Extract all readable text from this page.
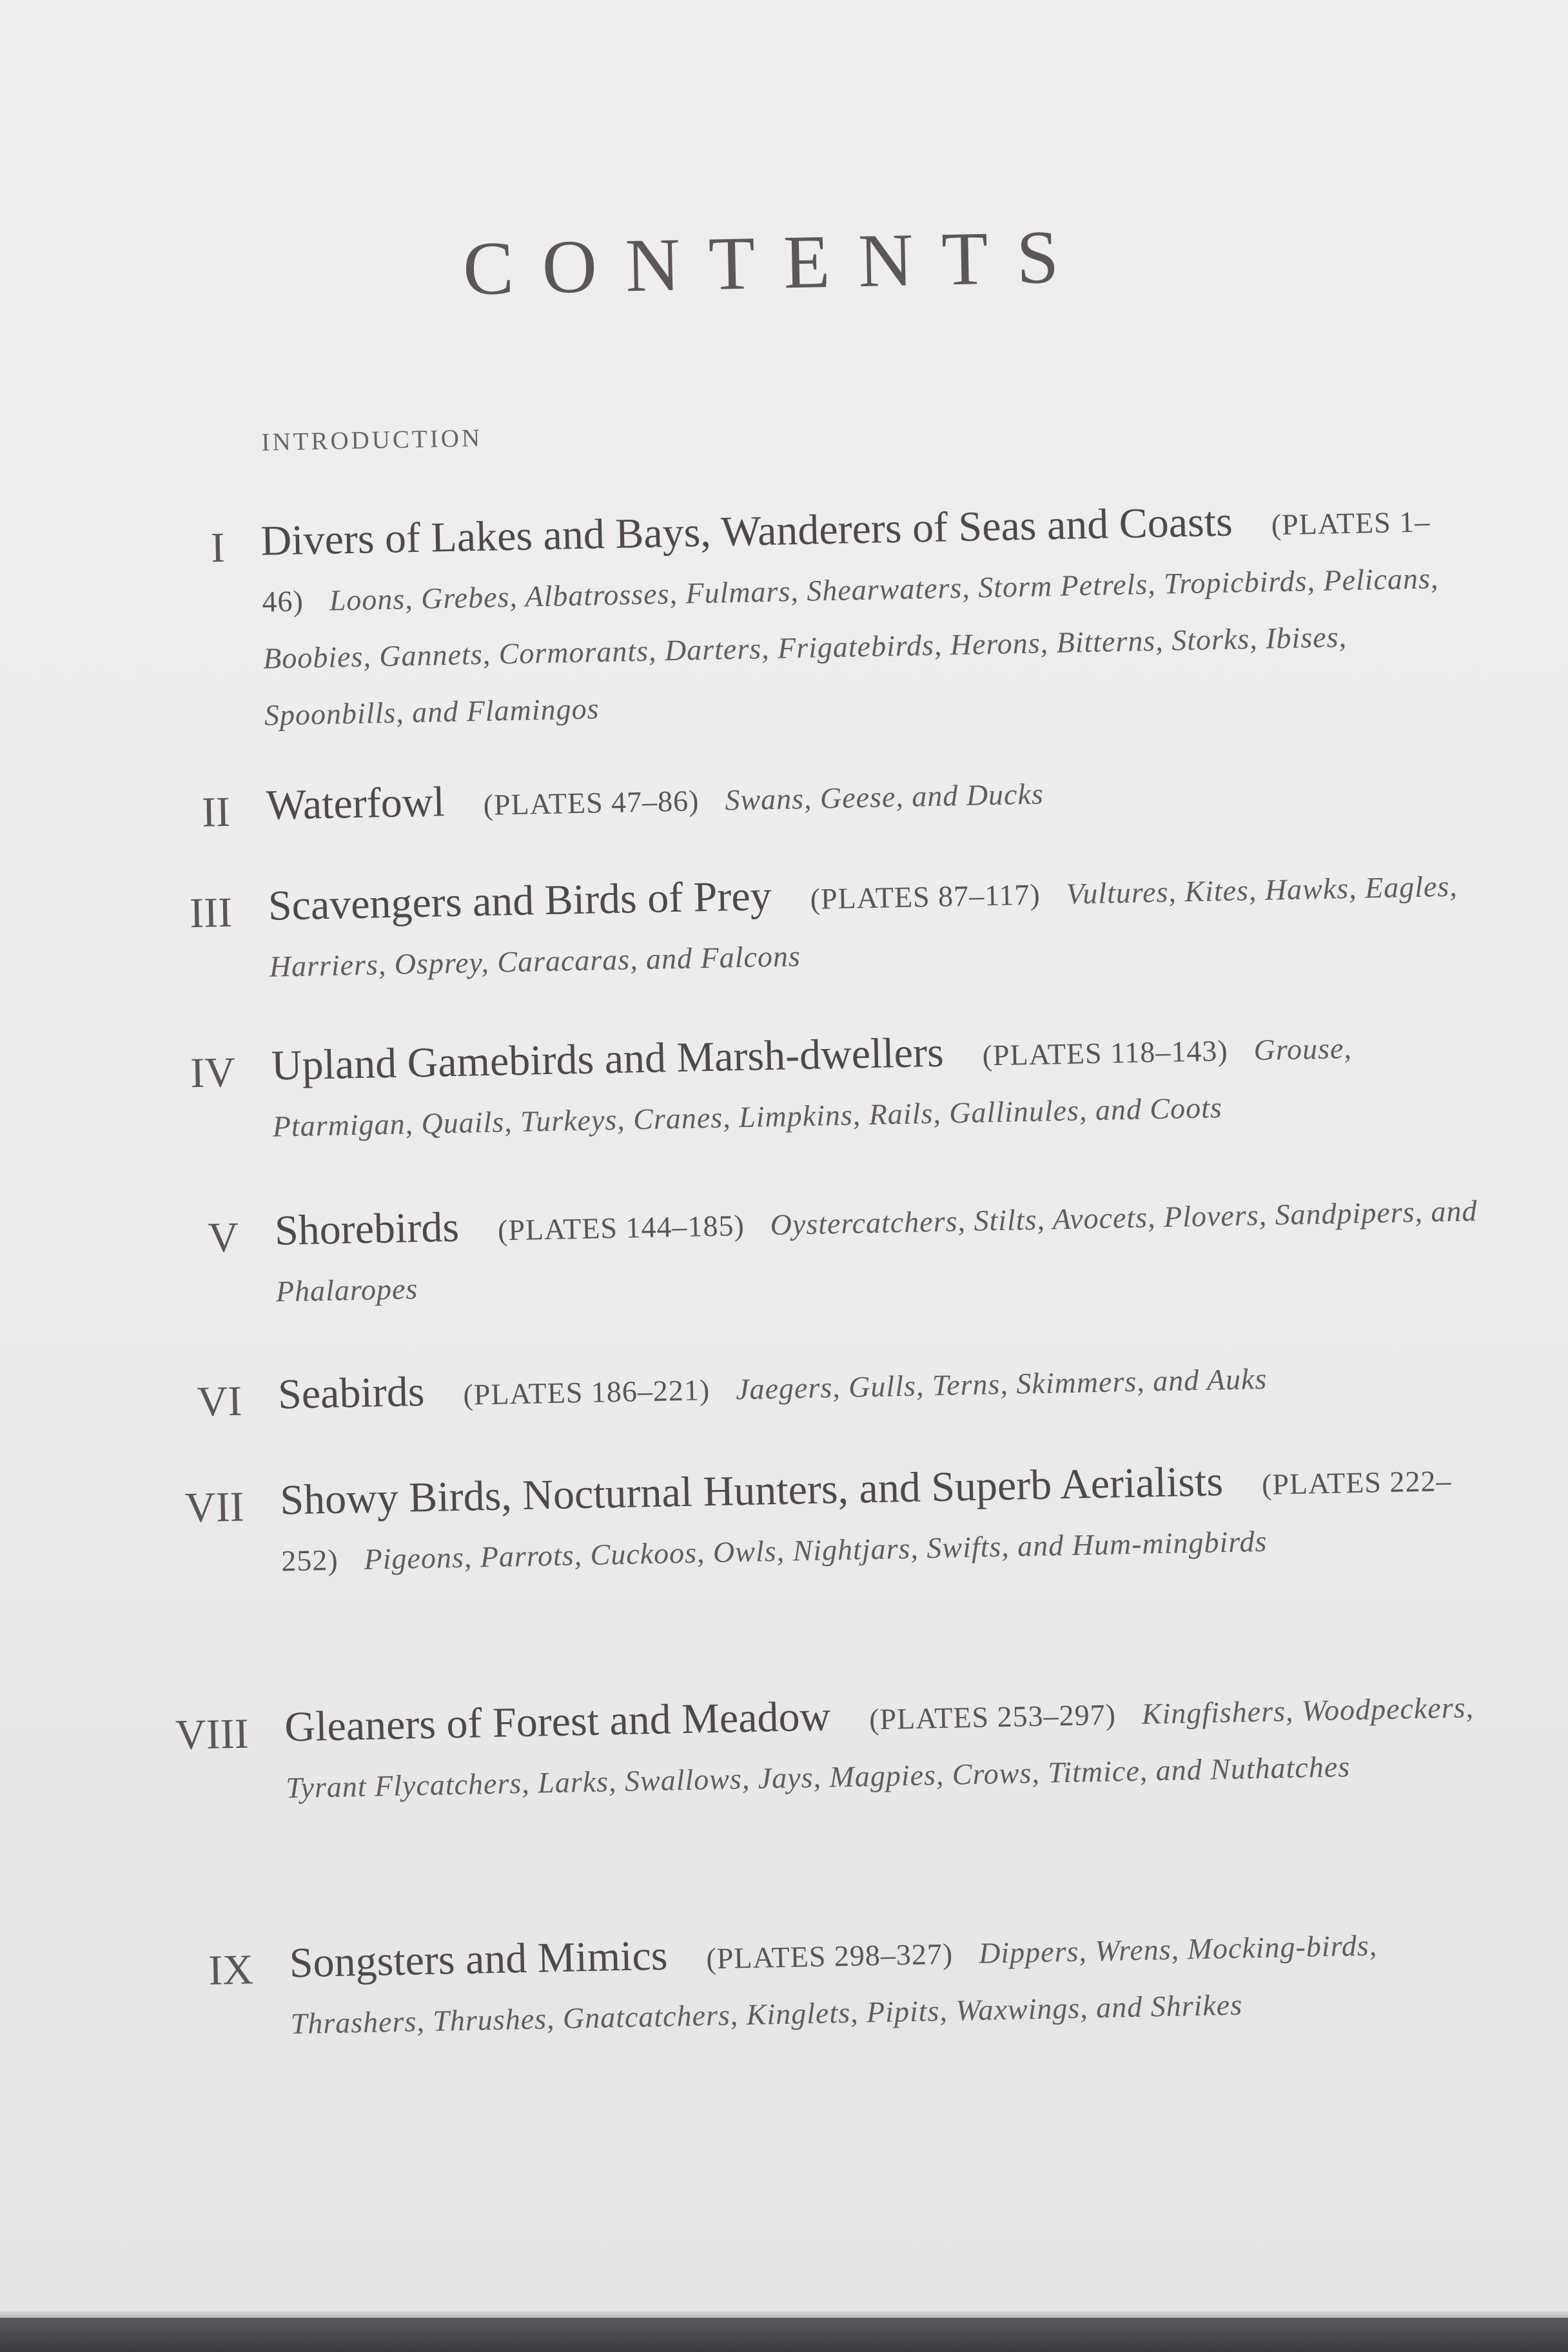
CONTENTS
INTRODUCTION
I Divers of Lakes and Bays, Wanderers of Seas and Coasts (PLATES 1–46) Loons, Grebes, Albatrosses, Fulmars, Shearwaters, Storm Petrels, Tropicbirds, Pelicans, Boobies, Gannets, Cormorants, Darters, Frigatebirds, Herons, Bitterns, Storks, Ibises, Spoonbills, and Flamingos
II Waterfowl (PLATES 47–86) Swans, Geese, and Ducks
III Scavengers and Birds of Prey (PLATES 87–117) Vultures, Kites, Hawks, Eagles, Harriers, Osprey, Caracaras, and Falcons
IV Upland Gamebirds and Marsh-dwellers (PLATES 118–143) Grouse, Ptarmigan, Quails, Turkeys, Cranes, Limpkins, Rails, Gallinules, and Coots
V Shorebirds (PLATES 144–185) Oystercatchers, Stilts, Avocets, Plovers, Sandpipers, and Phalaropes
VI Seabirds (PLATES 186–221) Jaegers, Gulls, Terns, Skimmers, and Auks
VII Showy Birds, Nocturnal Hunters, and Superb Aerialists (PLATES 222–252) Pigeons, Parrots, Cuckoos, Owls, Nightjars, Swifts, and Hum-mingbirds
VIII Gleaners of Forest and Meadow (PLATES 253–297) Kingfishers, Woodpeckers, Tyrant Flycatchers, Larks, Swallows, Jays, Magpies, Crows, Titmice, and Nuthatches
IX Songsters and Mimics (PLATES 298–327) Dippers, Wrens, Mocking-birds, Thrashers, Thrushes, Gnatcatchers, Kinglets, Pipits, Waxwings, and Shrikes
